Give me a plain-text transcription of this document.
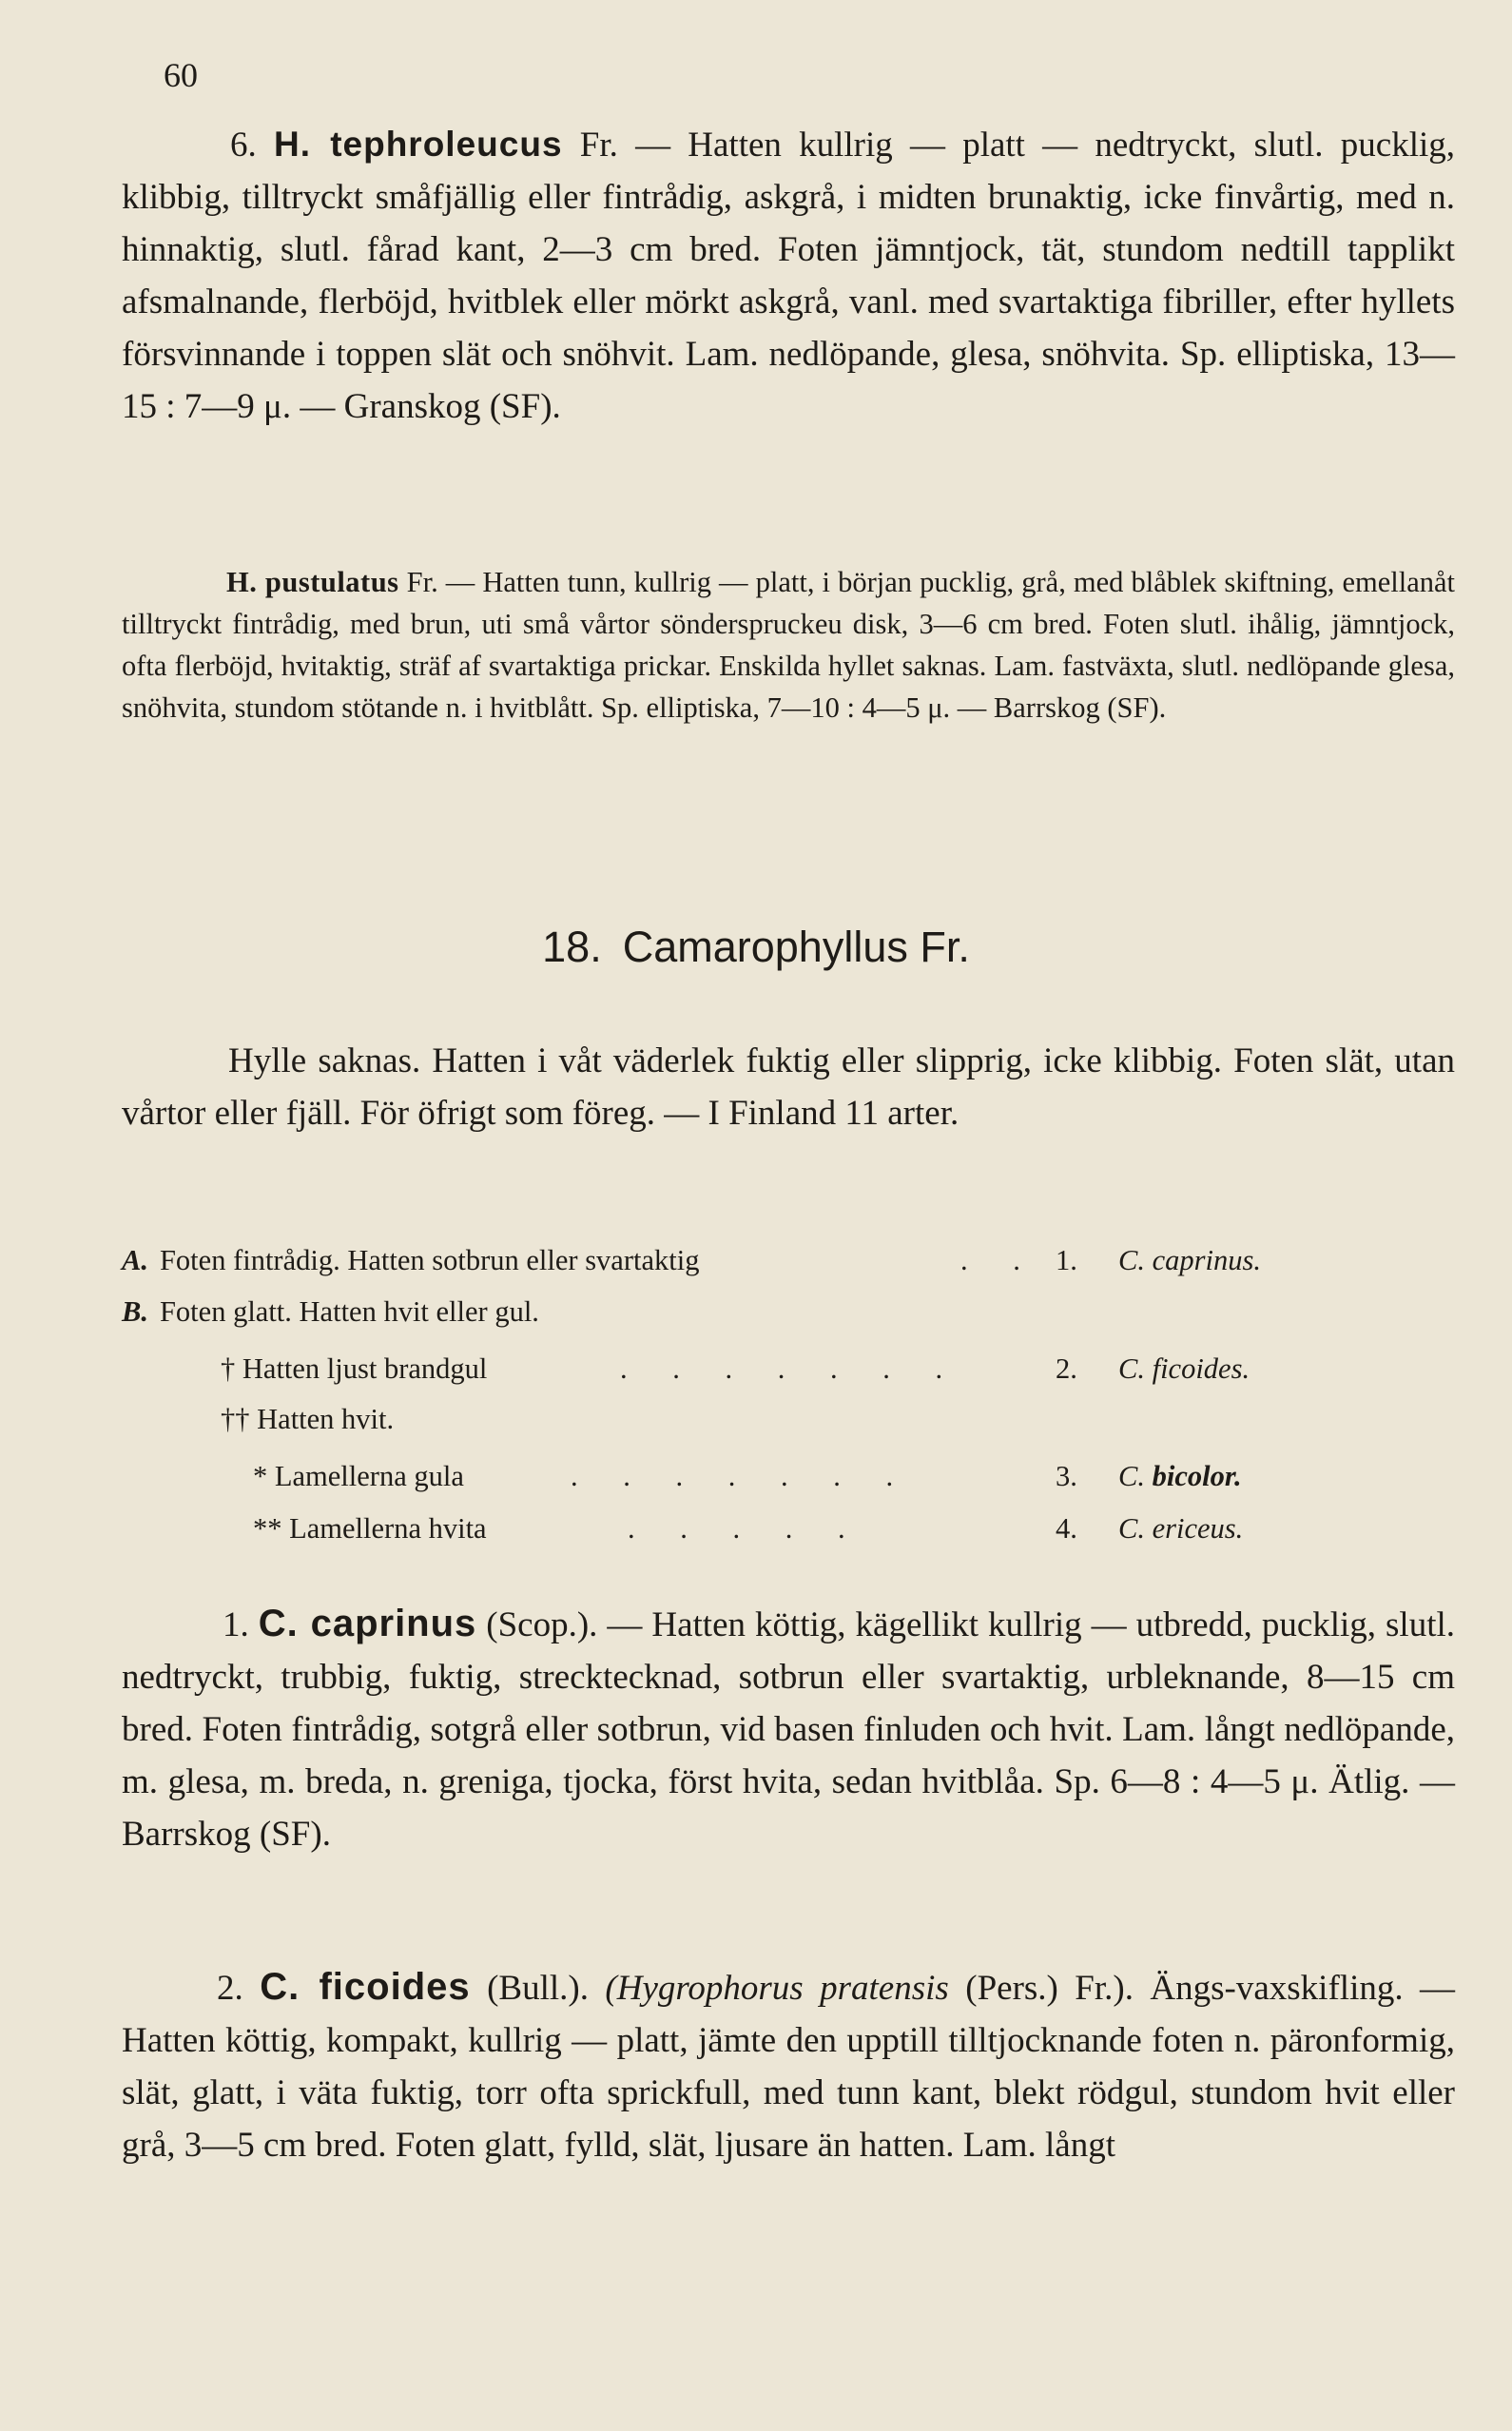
60

6. H. tephroleucus Fr. — Hatten kullrig — platt — nedtryckt, slutl. pucklig, klibbig, tilltryckt småfjällig eller fintrådig, askgrå, i midten brunaktig, icke finvårtig, med n. hinnaktig, slutl. fårad kant, 2—3 cm bred. Foten jämntjock, tät, stundom nedtill tapplikt afsmalnande, flerböjd, hvitblek eller mörkt askgrå, vanl. med svartaktiga fibriller, efter hyllets försvinnande i toppen slät och snöhvit. Lam. nedlöpande, glesa, snöhvita. Sp. elliptiska, 13—15 : 7—9 μ. — Granskog (SF).

H. pustulatus Fr. — Hatten tunn, kullrig — platt, i början pucklig, grå, med blåblek skiftning, emellanåt tilltryckt fintrådig, med brun, uti små vårtor sönderspruckeu disk, 3—6 cm bred. Foten slutl. ihålig, jämntjock, ofta flerböjd, hvitaktig, sträf af svartaktiga prickar. Enskilda hyllet saknas. Lam. fastväxta, slutl. nedlöpande glesa, snöhvita, stundom stötande n. i hvitblått. Sp. elliptiska, 7—10 : 4—5 μ. — Barrskog (SF).

18. Camarophyllus Fr.

Hylle saknas. Hatten i våt väderlek fuktig eller slipprig, icke klibbig. Foten slät, utan vårtor eller fjäll. För öfrigt som föreg. — I Finland 11 arter.

A. Foten fintrådig. Hatten sotbrun eller svartaktig	. . 1. C. caprinus.
B. Foten glatt. Hatten hvit eller gul.
† Hatten ljust brandgul	. . . . . . .	2. C. ficoides.
†† Hatten hvit.
* Lamellerna gula	. . . . . . .	3. C. bicolor.
** Lamellerna hvita	. . . . .	4. C. ericeus.

1. C. caprinus (Scop.). — Hatten köttig, kägellikt kullrig — utbredd, pucklig, slutl. nedtryckt, trubbig, fuktig, strecktecknad, sotbrun eller svartaktig, urbleknande, 8—15 cm bred. Foten fintrådig, sotgrå eller sotbrun, vid basen finluden och hvit. Lam. långt nedlöpande, m. glesa, m. breda, n. greniga, tjocka, först hvita, sedan hvitblåa. Sp. 6—8 : 4—5 μ. Ätlig. — Barrskog (SF).

2. C. ficoides (Bull.). (Hygrophorus pratensis (Pers.) Fr.). Ängs-vaxskifling. — Hatten köttig, kompakt, kullrig — platt, jämte den upptill tilltjocknande foten n. päronformig, slät, glatt, i väta fuktig, torr ofta sprickfull, med tunn kant, blekt rödgul, stundom hvit eller grå, 3—5 cm bred. Foten glatt, fylld, slät, ljusare än hatten. Lam. långt
